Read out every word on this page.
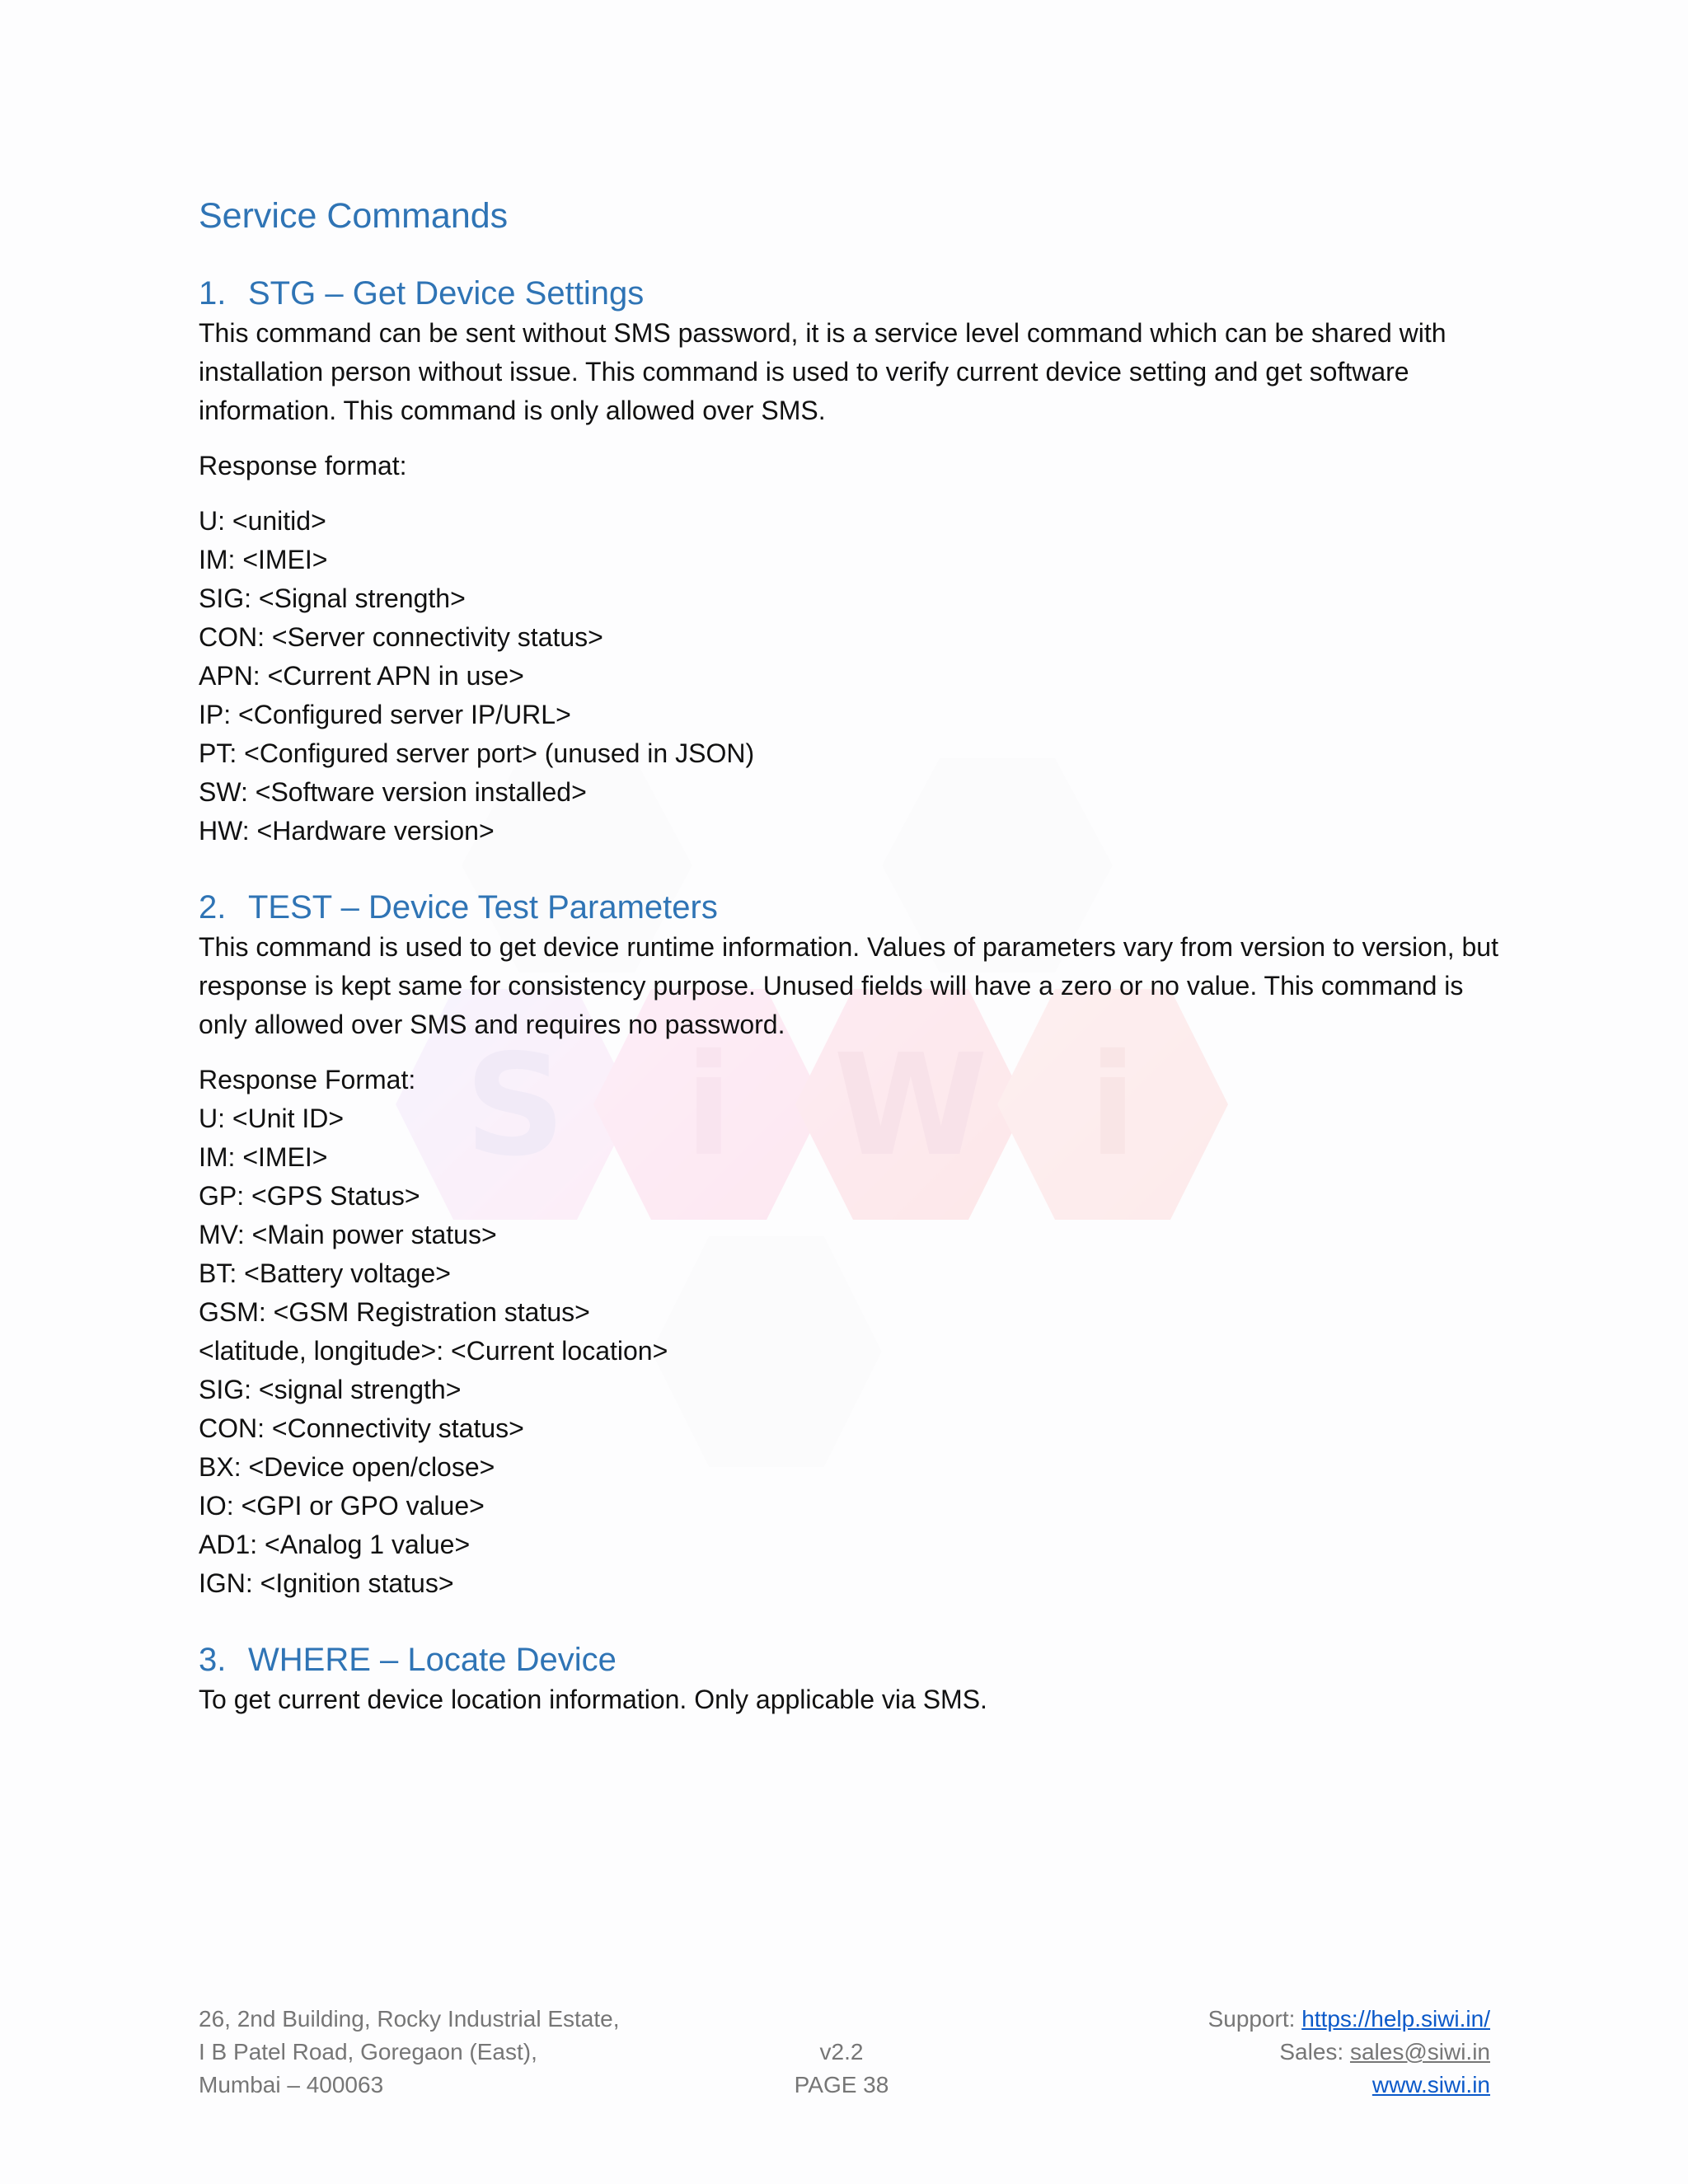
S i W i
Service Commands
1. STG – Get Device Settings

This command can be sent without SMS password, it is a service level command which can be shared with installation person without issue. This command is used to verify current device setting and get software information. This command is only allowed over SMS.

Response format:

U: <unitid>
IM: <IMEI>
SIG: <Signal strength>
CON: <Server connectivity status>
APN: <Current APN in use>
IP: <Configured server IP/URL>
PT: <Configured server port> (unused in JSON)
SW: <Software version installed>
HW: <Hardware version>
2. TEST – Device Test Parameters

This command is used to get device runtime information. Values of parameters vary from version to version, but response is kept same for consistency purpose. Unused fields will have a zero or no value. This command is only allowed over SMS and requires no password.

Response Format:

U: <Unit ID>
IM: <IMEI>
GP: <GPS Status>
MV: <Main power status>
BT: <Battery voltage>
GSM: <GSM Registration status>
<latitude, longitude>: <Current location>
SIG: <signal strength>
CON: <Connectivity status>
BX: <Device open/close>
IO: <GPI or GPO value>
AD1: <Analog 1 value>
IGN: <Ignition status>
3. WHERE – Locate Device

To get current device location information. Only applicable via SMS.

26, 2nd Building, Rocky Industrial Estate,
I B Patel Road, Goregaon (East),
Mumbai – 400063

v2.2
PAGE 38
Support: https://help.siwi.in/
Sales: sales@siwi.in
www.siwi.in
